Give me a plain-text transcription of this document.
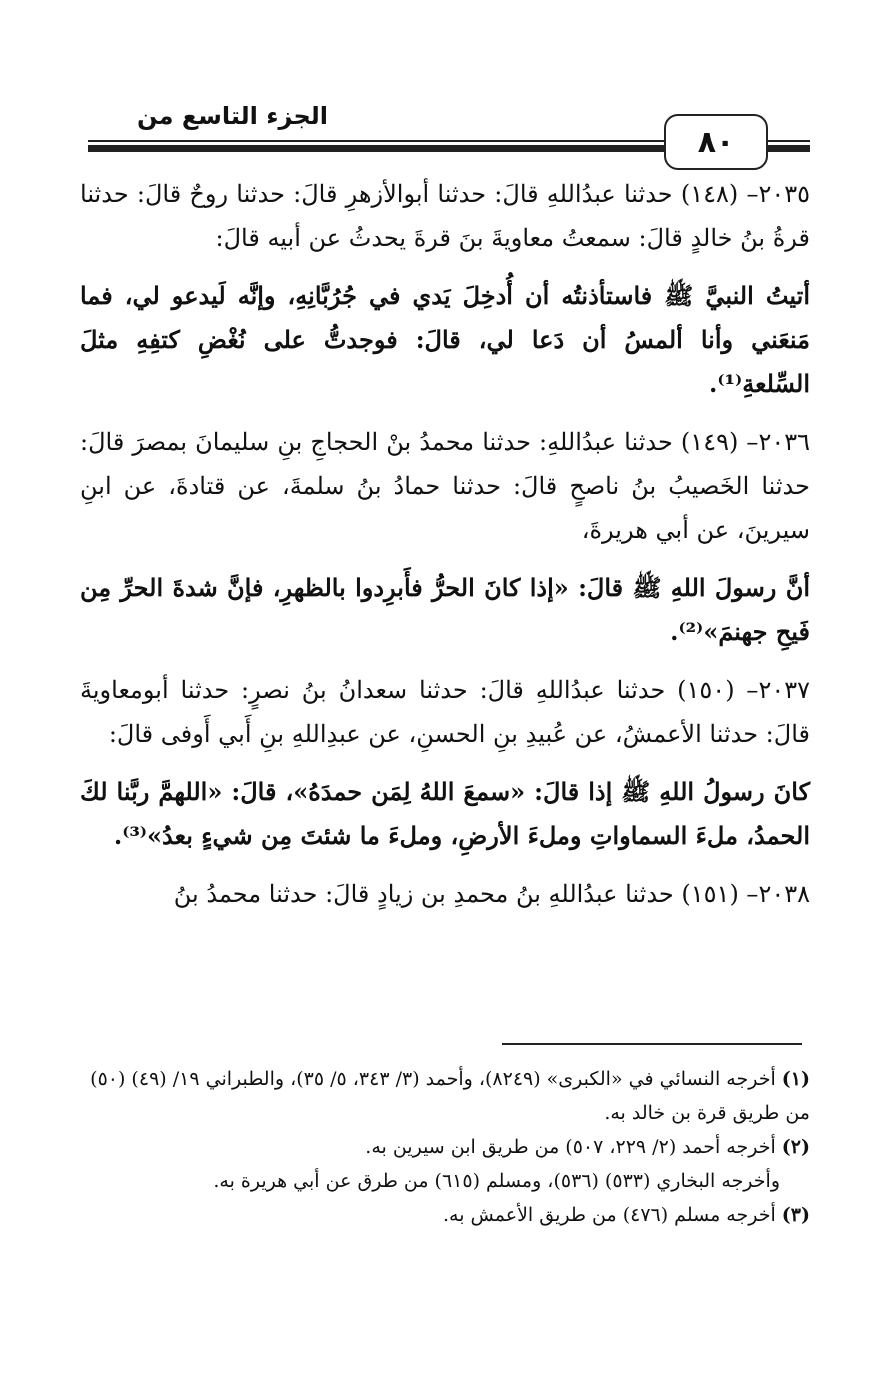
الجزء التاسع من
٨٠

٢٠٣٥– (١٤٨) حدثنا عبدُاللهِ قالَ: حدثنا أبوالأزهرِ قالَ: حدثنا روحٌ قالَ: حدثنا قرةُ بنُ خالدٍ قالَ: سمعتُ معاويةَ بنَ قرةَ يحدثُ عن أبيه قالَ:

أتيتُ النبيَّ ﷺ فاستأذنتُه أن أُدخِلَ يَدي في جُرُبَّانِهِ، وإنَّه لَيدعو لي، فما مَنعَني وأنا ألمسُ أن دَعا لي، قالَ: فوجدتُّ على نُغْضِ كتفِهِ مثلَ السِّلعةِ⁽¹⁾.

٢٠٣٦– (١٤٩) حدثنا عبدُاللهِ: حدثنا محمدُ بنْ الحجاجِ بنِ سليمانَ بمصرَ قالَ: حدثنا الخَصيبُ بنُ ناصحٍ قالَ: حدثنا حمادُ بنُ سلمةَ، عن قتادةَ، عن ابنِ سيرينَ، عن أبي هريرةَ،

أنَّ رسولَ اللهِ ﷺ قالَ: «إذا كانَ الحرُّ فأَبرِدوا بالظهرِ، فإنَّ شدةَ الحرِّ مِن فَيحِ جهنمَ»⁽²⁾.

٢٠٣٧– (١٥٠) حدثنا عبدُاللهِ قالَ: حدثنا سعدانُ بنُ نصرٍ: حدثنا أبومعاويةَ قالَ: حدثنا الأعمشُ، عن عُبيدِ بنِ الحسنِ، عن عبدِاللهِ بنِ أَبي أَوفى قالَ:

كانَ رسولُ اللهِ ﷺ إذا قالَ: «سمعَ اللهُ لِمَن حمدَهُ»، قالَ: «اللهمَّ ربَّنا لكَ الحمدُ، ملءَ السماواتِ وملءَ الأرضِ، وملءَ ما شئتَ مِن شيءٍ بعدُ»⁽³⁾.

٢٠٣٨– (١٥١) حدثنا عبدُاللهِ بنُ محمدِ بن زيادٍ قالَ: حدثنا محمدُ بنُ

(١) أخرجه النسائي في «الكبرى» (٨٢٤٩)، وأحمد (٣/ ٣٤٣، ٥/ ٣٥)، والطبراني ١٩/ (٤٩) (٥٠) من طريق قرة بن خالد به.

(٢) أخرجه أحمد (٢/ ٢٢٩، ٥٠٧) من طريق ابن سيرين به.

وأخرجه البخاري (٥٣٣) (٥٣٦)، ومسلم (٦١٥) من طرق عن أبي هريرة به.

(٣) أخرجه مسلم (٤٧٦) من طريق الأعمش به.
